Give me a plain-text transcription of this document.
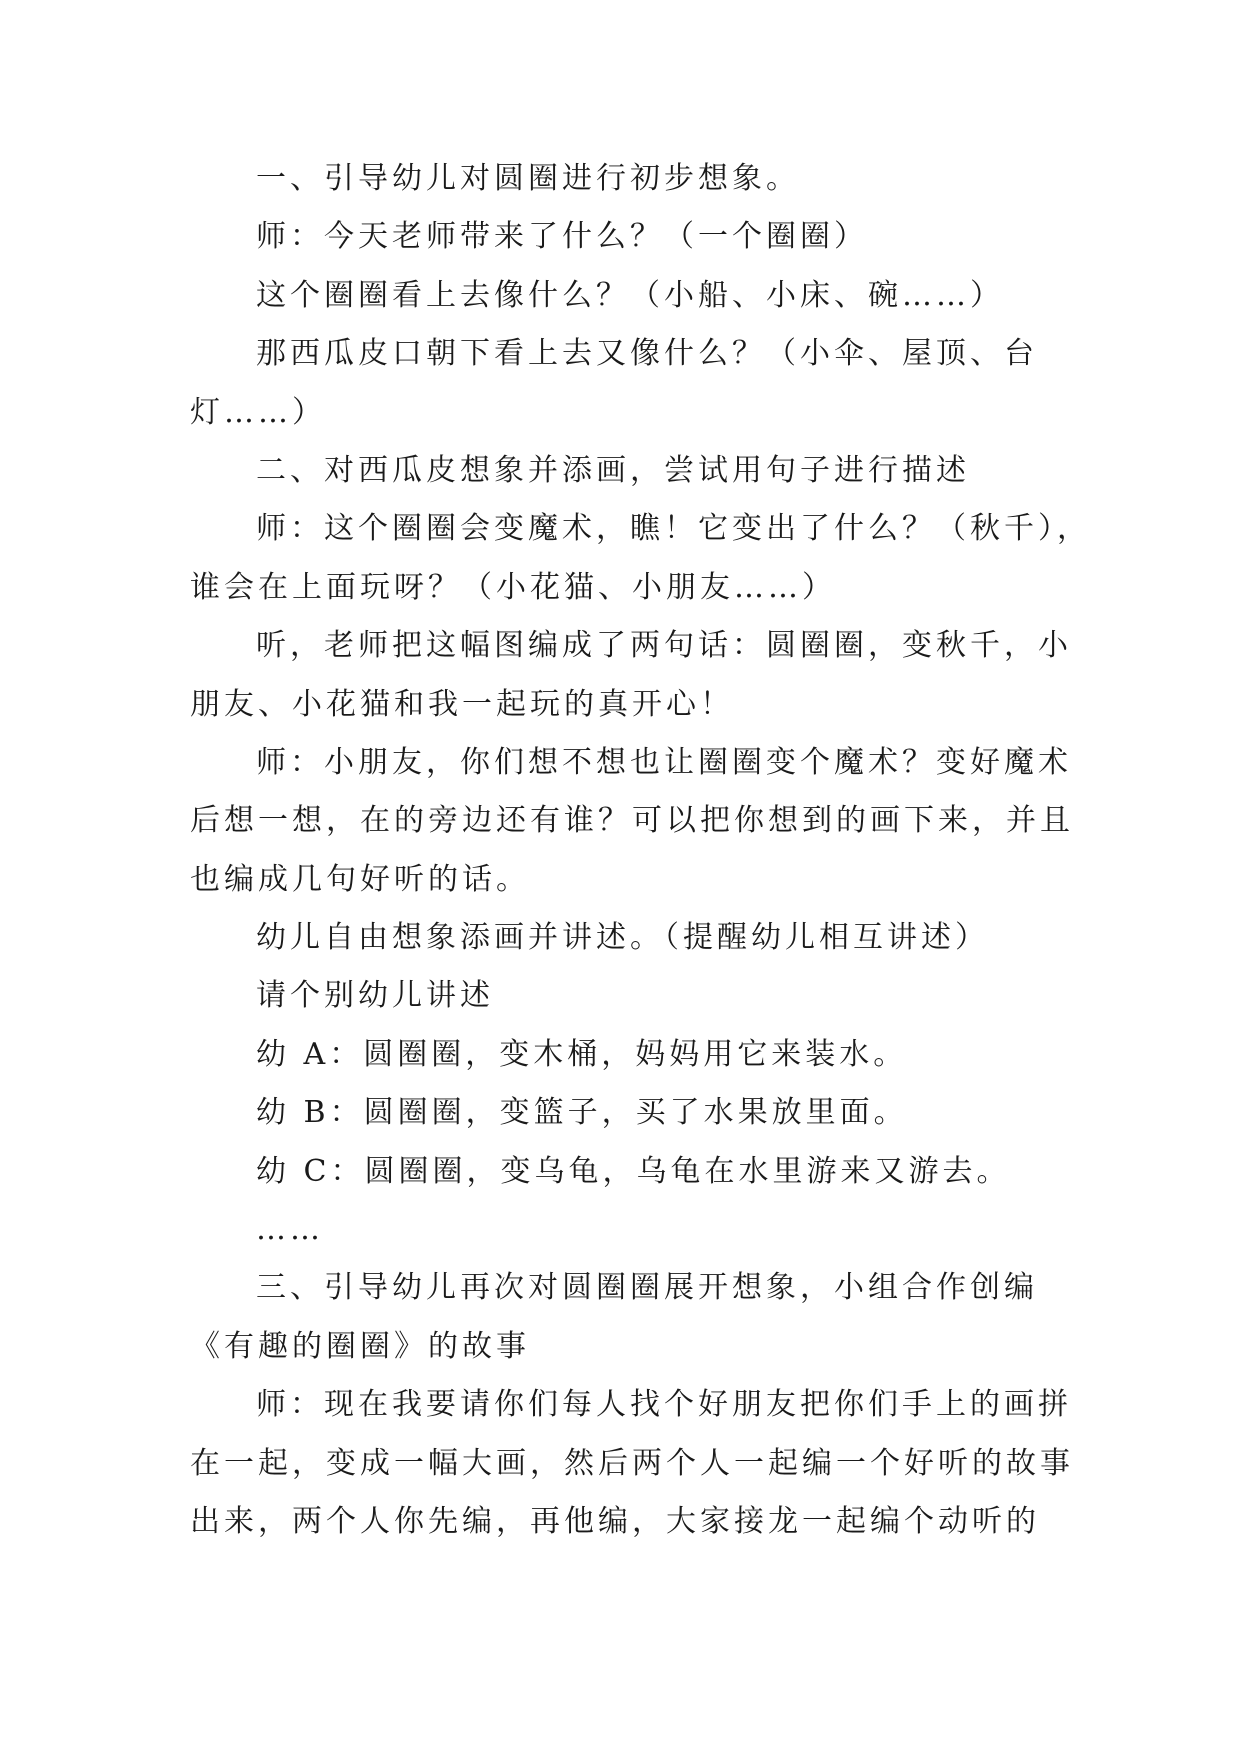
一、引导幼儿对圆圈进行初步想象。
师：今天老师带来了什么？（一个圈圈）
这个圈圈看上去像什么？（小船、小床、碗……）
那西瓜皮口朝下看上去又像什么？（小伞、屋顶、台
灯……）
二、对西瓜皮想象并添画，尝试用句子进行描述
师：这个圈圈会变魔术，瞧！它变出了什么？（秋千），
谁会在上面玩呀？（小花猫、小朋友……）
听，老师把这幅图编成了两句话：圆圈圈，变秋千，小
朋友、小花猫和我一起玩的真开心！
师：小朋友，你们想不想也让圈圈变个魔术？变好魔术
后想一想，在的旁边还有谁？可以把你想到的画下来，并且
也编成几句好听的话。
幼儿自由想象添画并讲述。（提醒幼儿相互讲述）
请个别幼儿讲述
幼 A：圆圈圈，变木桶，妈妈用它来装水。
幼 B：圆圈圈，变篮子，买了水果放里面。
幼 C：圆圈圈，变乌龟，乌龟在水里游来又游去。
……
三、引导幼儿再次对圆圈圈展开想象，小组合作创编
《有趣的圈圈》的故事
师：现在我要请你们每人找个好朋友把你们手上的画拼
在一起，变成一幅大画，然后两个人一起编一个好听的故事
出来，两个人你先编，再他编，大家接龙一起编个动听的
